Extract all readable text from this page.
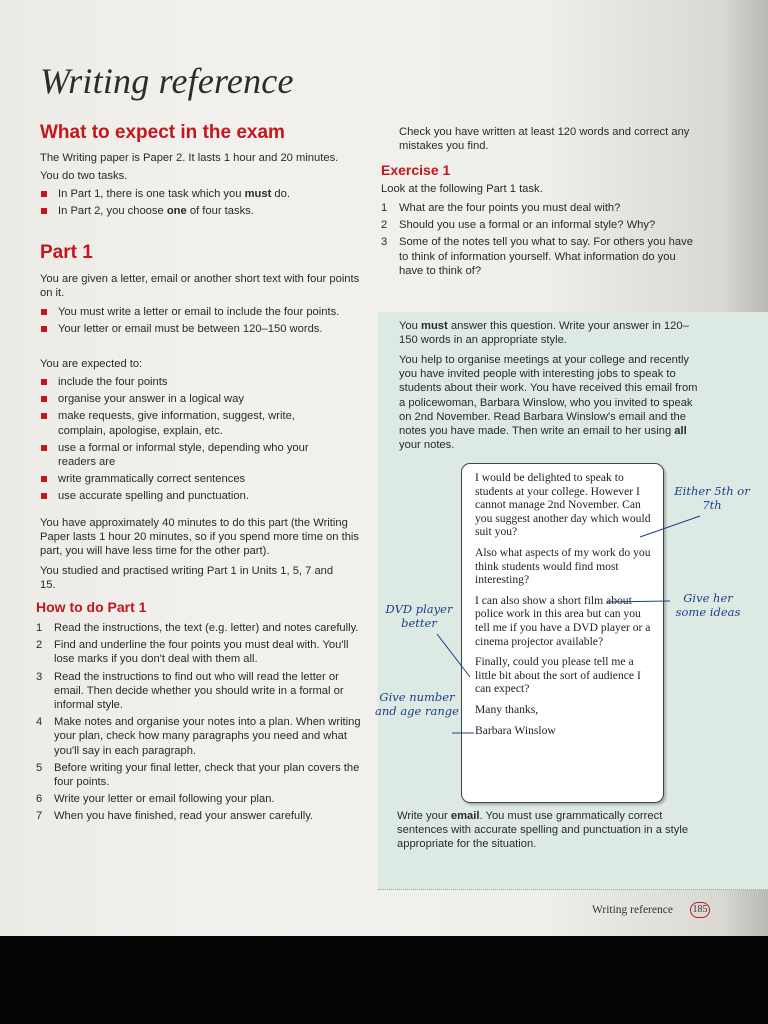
Writing reference
What to expect in the exam
The Writing paper is Paper 2. It lasts 1 hour and 20 minutes.
You do two tasks.
In Part 1, there is one task which you must do.
In Part 2, you choose one of four tasks.
Part 1
You are given a letter, email or another short text with four points on it.
You must write a letter or email to include the four points.
Your letter or email must be between 120–150 words.
You are expected to:
include the four points
organise your answer in a logical way
make requests, give information, suggest, write, complain, apologise, explain, etc.
use a formal or informal style, depending who your readers are
write grammatically correct sentences
use accurate spelling and punctuation.
You have approximately 40 minutes to do this part (the Writing Paper lasts 1 hour 20 minutes, so if you spend more time on this part, you will have less time for the other part).
You studied and practised writing Part 1 in Units 1, 5, 7 and 15.
How to do Part 1
1 Read the instructions, the text (e.g. letter) and notes carefully.
2 Find and underline the four points you must deal with. You'll lose marks if you don't deal with them all.
3 Read the instructions to find out who will read the letter or email. Then decide whether you should write in a formal or informal style.
4 Make notes and organise your notes into a plan. When writing your plan, check how many paragraphs you need and what you'll say in each paragraph.
5 Before writing your final letter, check that your plan covers the four points.
6 Write your letter or email following your plan.
7 When you have finished, read your answer carefully.
Check you have written at least 120 words and correct any mistakes you find.
Exercise 1
Look at the following Part 1 task.
1 What are the four points you must deal with?
2 Should you use a formal or an informal style? Why?
3 Some of the notes tell you what to say. For others you have to think of information yourself. What information do you have to think of?
You must answer this question. Write your answer in 120–150 words in an appropriate style.
You help to organise meetings at your college and recently you have invited people with interesting jobs to speak to students about their work. You have received this email from a policewoman, Barbara Winslow, who you invited to speak on 2nd November. Read Barbara Winslow's email and the notes you have made. Then write an email to her using all your notes.

I would be delighted to speak to students at your college. However I cannot manage 2nd November. Can you suggest another day which would suit you?

Also what aspects of my work do you think students would find most interesting?

I can also show a short film about police work in this area but can you tell me if you have a DVD player or a cinema projector available?

Finally, could you please tell me a little bit about the sort of audience I can expect?

Many thanks,

Barbara Winslow

Either 5th or 7th
Give her some ideas
DVD player better
Give number and age range
Write your email. You must use grammatically correct sentences with accurate spelling and punctuation in a style appropriate for the situation.
Writing reference 185
